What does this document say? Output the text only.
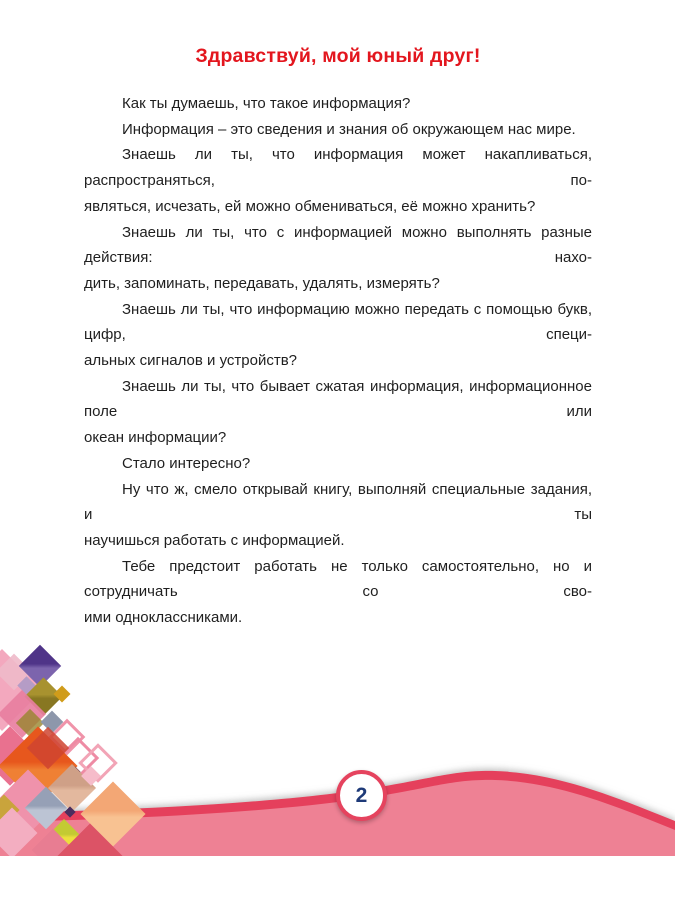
Здравствуй, мой юный друг!
Как ты думаешь, что такое информация?
Информация – это сведения и знания об окружающем нас мире.
Знаешь ли ты, что информация может накапливаться, распространяться, по-
являться, исчезать, ей можно обмениваться, её можно хранить?
Знаешь ли ты, что с информацией можно выполнять разные действия: нахо-
дить, запоминать, передавать, удалять, измерять?
Знаешь ли ты, что информацию можно передать с помощью букв, цифр, специ-
альных сигналов и устройств?
Знаешь ли ты, что бывает сжатая информация, информационное поле или
океан информации?
Стало интересно?
Ну что ж, смело открывай книгу, выполняй специальные задания, и ты
научишься работать с информацией.
Тебе предстоит работать не только самостоятельно, но и сотрудничать со сво-
ими одноклассниками.
2
